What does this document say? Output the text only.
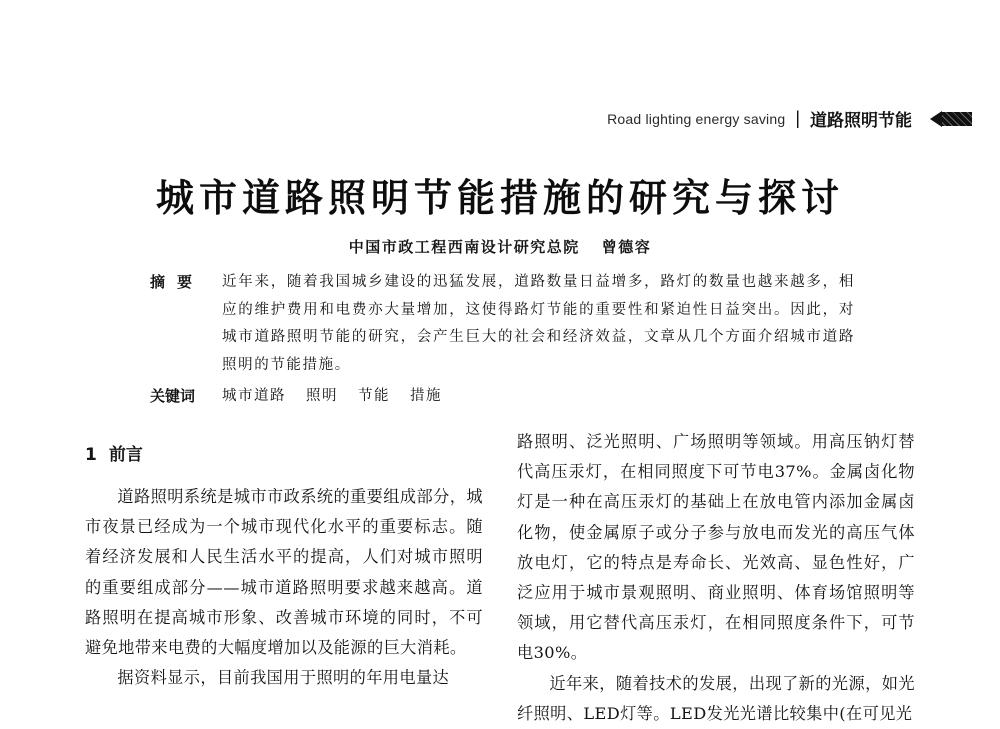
Road lighting energy saving | 道路照明节能
城市道路照明节能措施的研究与探讨
中国市政工程西南设计研究总院 曾德容
摘要	近年来，随着我国城乡建设的迅猛发展，道路数量日益增多，路灯的数量也越来越多，相应的维护费用和电费亦大量增加，这使得路灯节能的重要性和紧迫性日益突出。因此，对城市道路照明节能的研究，会产生巨大的社会和经济效益，文章从几个方面介绍城市道路照明的节能措施。
关键词	城市道路 照明 节能 措施
1 前言

道路照明系统是城市市政系统的重要组成部分，城市夜景已经成为一个城市现代化水平的重要标志。随着经济发展和人民生活水平的提高，人们对城市照明的重要组成部分——城市道路照明要求越来越高。道路照明在提高城市形象、改善城市环境的同时，不可避免地带来电费的大幅度增加以及能源的巨大消耗。

据资料显示，目前我国用于照明的年用电量达

路照明、泛光照明、广场照明等领域。用高压钠灯替代高压汞灯，在相同照度下可节电37%。金属卤化物灯是一种在高压汞灯的基础上在放电管内添加金属卤化物，使金属原子或分子参与放电而发光的高压气体放电灯，它的特点是寿命长、光效高、显色性好，广泛应用于城市景观照明、商业照明、体育场馆照明等领域，用它替代高压汞灯，在相同照度条件下，可节电30%。

近年来，随着技术的发展，出现了新的光源，如光纤照明、LED灯等。LED发光光谱比较集中(在可见光
